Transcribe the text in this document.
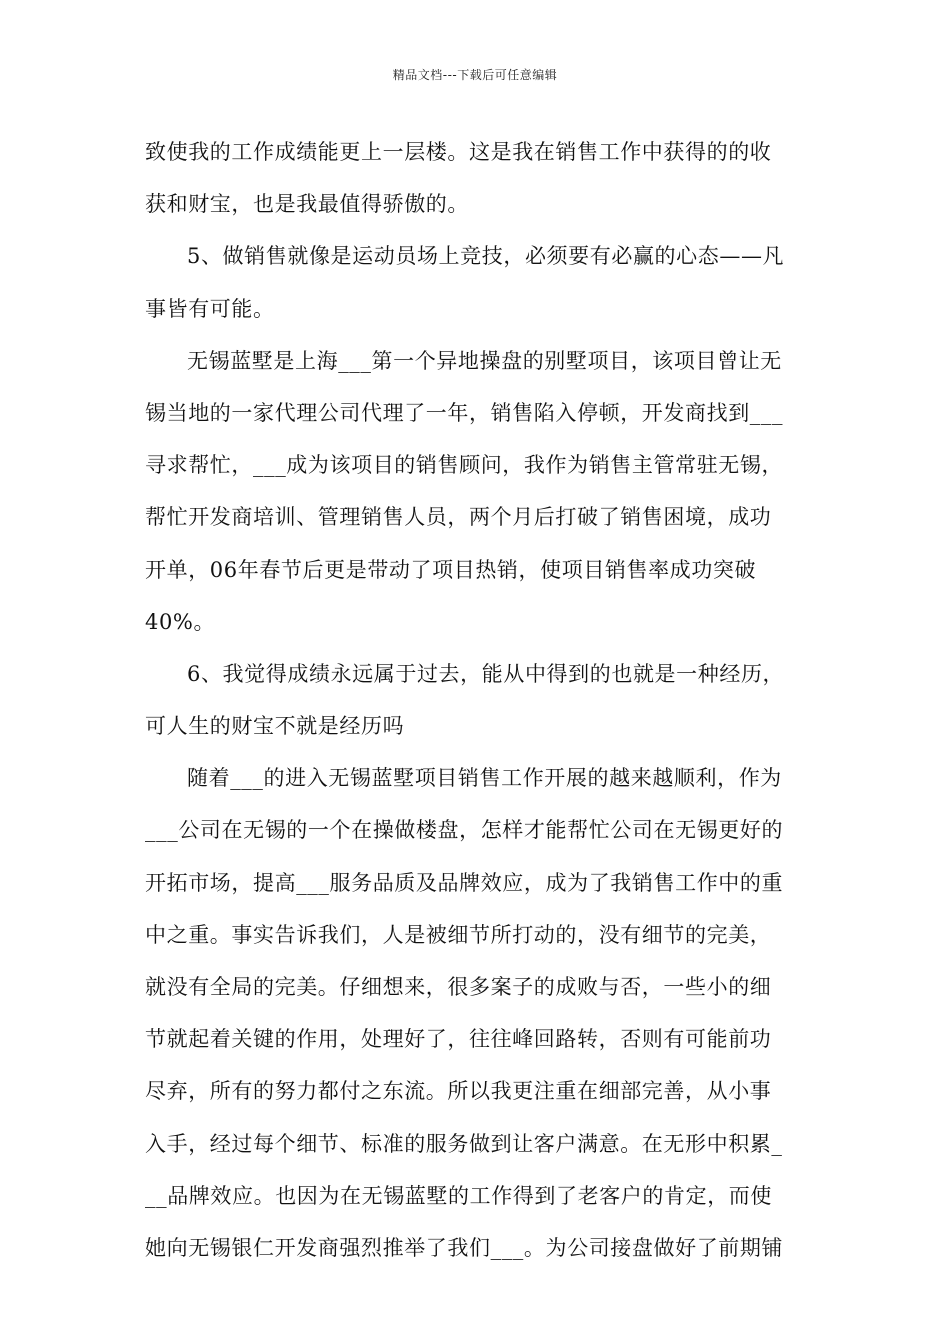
精品文档---下载后可任意编辑
致使我的工作成绩能更上一层楼。这是我在销售工作中获得的的收
获和财宝，也是我最值得骄傲的。
5、做销售就像是运动员场上竞技，必须要有必赢的心态——凡
事皆有可能。
无锡蓝墅是上海___第一个异地操盘的别墅项目，该项目曾让无
锡当地的一家代理公司代理了一年，销售陷入停顿，开发商找到___
寻求帮忙，___成为该项目的销售顾问，我作为销售主管常驻无锡，
帮忙开发商培训、管理销售人员，两个月后打破了销售困境，成功
开单，06年春节后更是带动了项目热销，使项目销售率成功突破
40%。
6、我觉得成绩永远属于过去，能从中得到的也就是一种经历，
可人生的财宝不就是经历吗
随着___的进入无锡蓝墅项目销售工作开展的越来越顺利，作为
___公司在无锡的一个在操做楼盘，怎样才能帮忙公司在无锡更好的
开拓市场，提高___服务品质及品牌效应，成为了我销售工作中的重
中之重。事实告诉我们，人是被细节所打动的，没有细节的完美，
就没有全局的完美。仔细想来，很多案子的成败与否，一些小的细
节就起着关键的作用，处理好了，往往峰回路转，否则有可能前功
尽弃，所有的努力都付之东流。所以我更注重在细部完善，从小事
入手，经过每个细节、标准的服务做到让客户满意。在无形中积累_
__品牌效应。也因为在无锡蓝墅的工作得到了老客户的肯定，而使
她向无锡银仁开发商强烈推举了我们___。为公司接盘做好了前期铺
